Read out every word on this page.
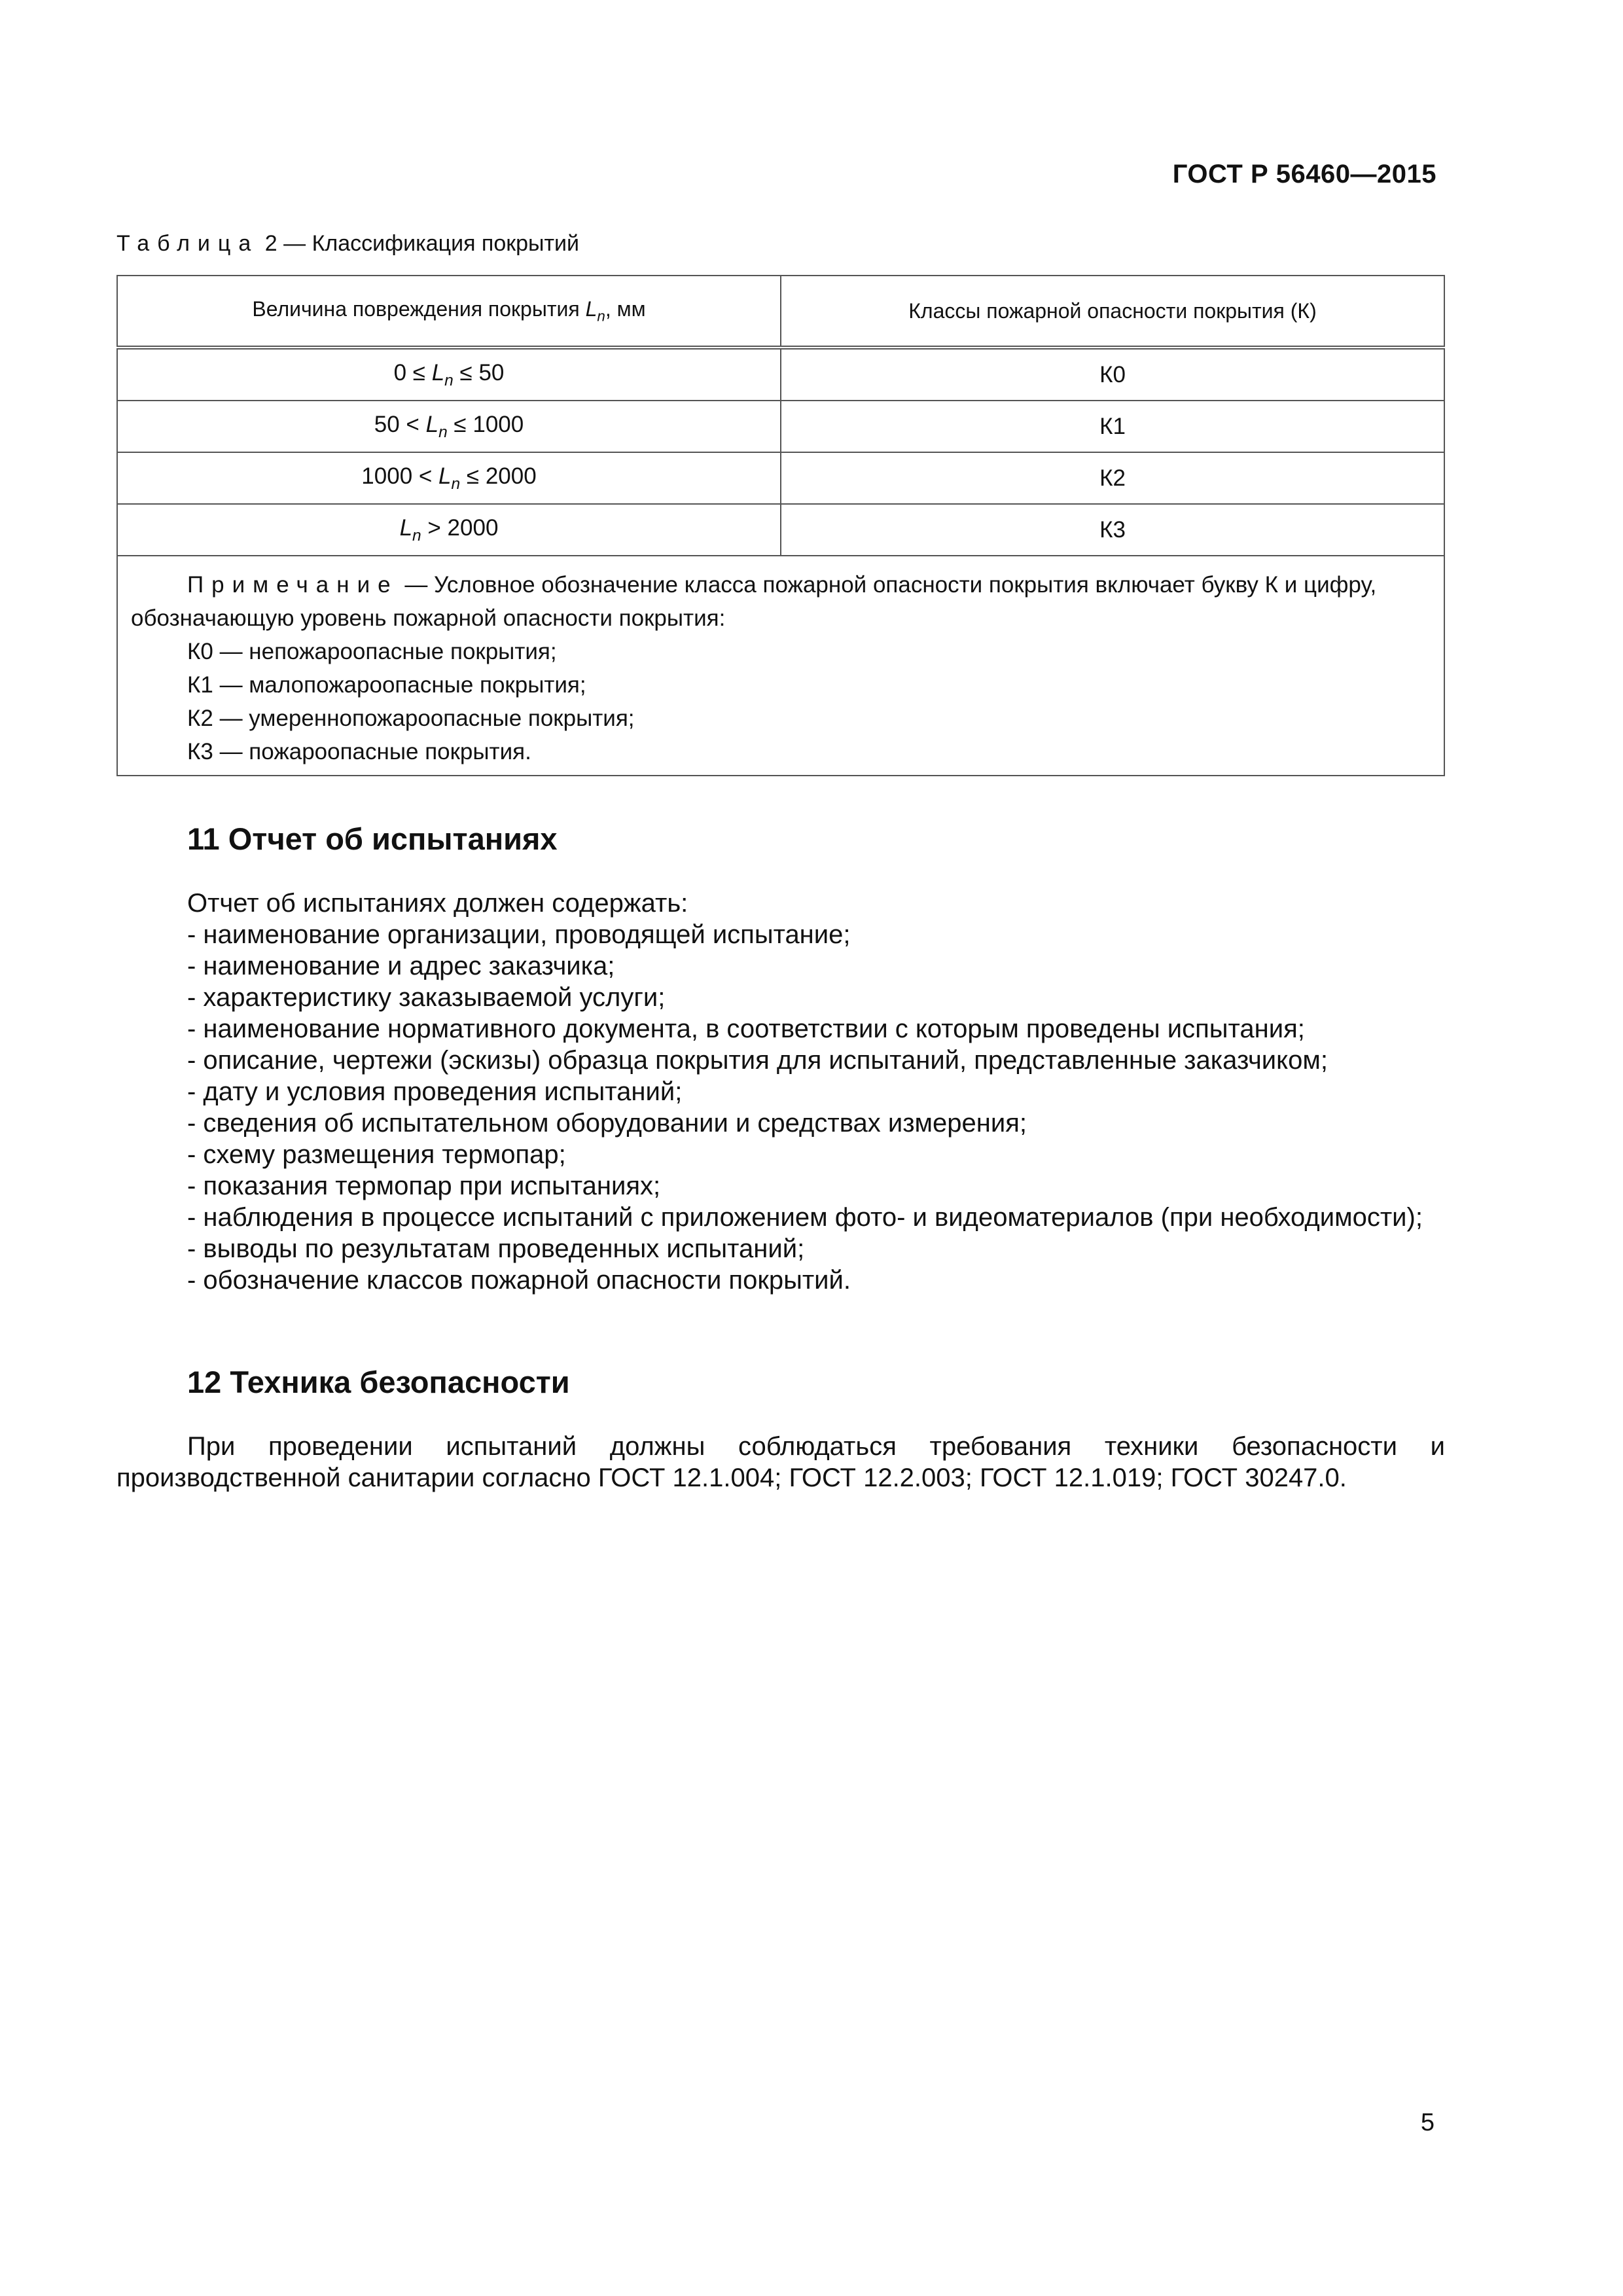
ГОСТ Р 56460—2015
Таблица 2 — Классификация покрытий
Величина повреждения покрытия $L_n$, мм	Классы пожарной опасности покрытия (К)
$0 \le L_n \le 50$	К0
$50 < L_n \le 1000$	К1
$1000 < L_n \le 2000$	К2
$L_n > 2000$	К3

Примечание — Условное обозначение класса пожарной опасности покрытия включает букву К и цифру, обозначающую уровень пожарной опасности покрытия:
К0 — непожароопасные покрытия;
К1 — малопожароопасные покрытия;
К2 — умереннопожароопасные покрытия;
К3 — пожароопасные покрытия.	
11 Отчет об испытаниях
Отчет об испытаниях должен содержать:
- наименование организации, проводящей испытание;
- наименование и адрес заказчика;
- характеристику заказываемой услуги;
- наименование нормативного документа, в соответствии с которым проведены испытания;
- описание, чертежи (эскизы) образца покрытия для испытаний, представленные заказчиком;
- дату и условия проведения испытаний;
- сведения об испытательном оборудовании и средствах измерения;
- схему размещения термопар;
- показания термопар при испытаниях;
- наблюдения в процессе испытаний с приложением фото- и видеоматериалов (при необходимости);
- выводы по результатам проведенных испытаний;
- обозначение классов пожарной опасности покрытий.
12 Техника безопасности
При проведении испытаний должны соблюдаться требования техники безопасности и производственной санитарии согласно ГОСТ 12.1.004; ГОСТ 12.2.003; ГОСТ 12.1.019; ГОСТ 30247.0.
5
